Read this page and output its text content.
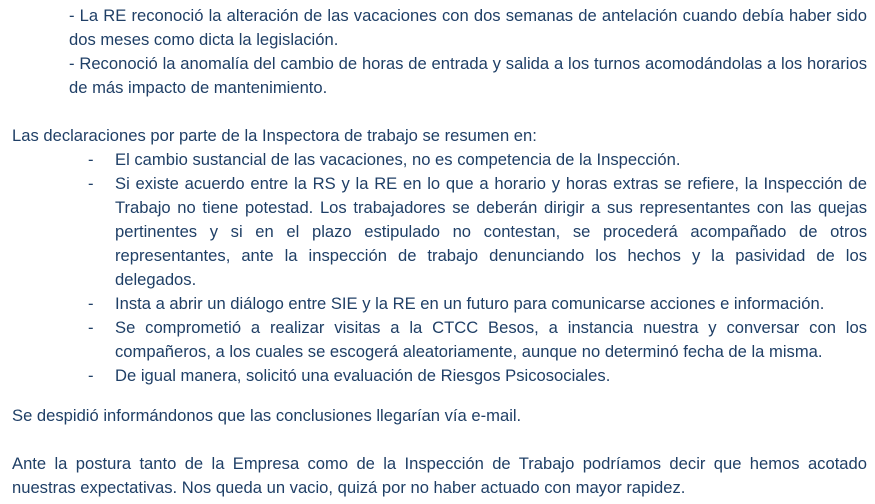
- La RE reconoció la alteración de las vacaciones con dos semanas de antelación cuando debía haber sido dos meses como dicta la legislación.
- Reconoció la anomalía del cambio de horas de entrada y salida a los turnos acomodándolas a los horarios de más impacto de mantenimiento.
Las declaraciones por parte de la Inspectora de trabajo se resumen en:
- El cambio sustancial de las vacaciones, no es competencia de la Inspección.
- Si existe acuerdo entre la RS y la RE en lo que a horario y horas extras se refiere, la Inspección de Trabajo no tiene potestad. Los trabajadores se deberán dirigir a sus representantes con las quejas pertinentes y si en el plazo estipulado no contestan, se procederá acompañado de otros representantes, ante la inspección de trabajo denunciando los hechos y la pasividad de los delegados.
- Insta a abrir un diálogo entre SIE y la RE en un futuro para comunicarse acciones e información.
- Se comprometió a realizar visitas a la CTCC Besos, a instancia nuestra y conversar con los compañeros, a los cuales se escogerá aleatoriamente, aunque no determinó fecha de la misma.
- De igual manera, solicitó una evaluación de Riesgos Psicosociales.
Se despidió informándonos que las conclusiones llegarían vía e-mail.
Ante la postura tanto de la Empresa como de la Inspección de Trabajo podríamos decir que hemos acotado nuestras expectativas. Nos queda un vacio, quizá por no haber actuado con mayor rapidez.
